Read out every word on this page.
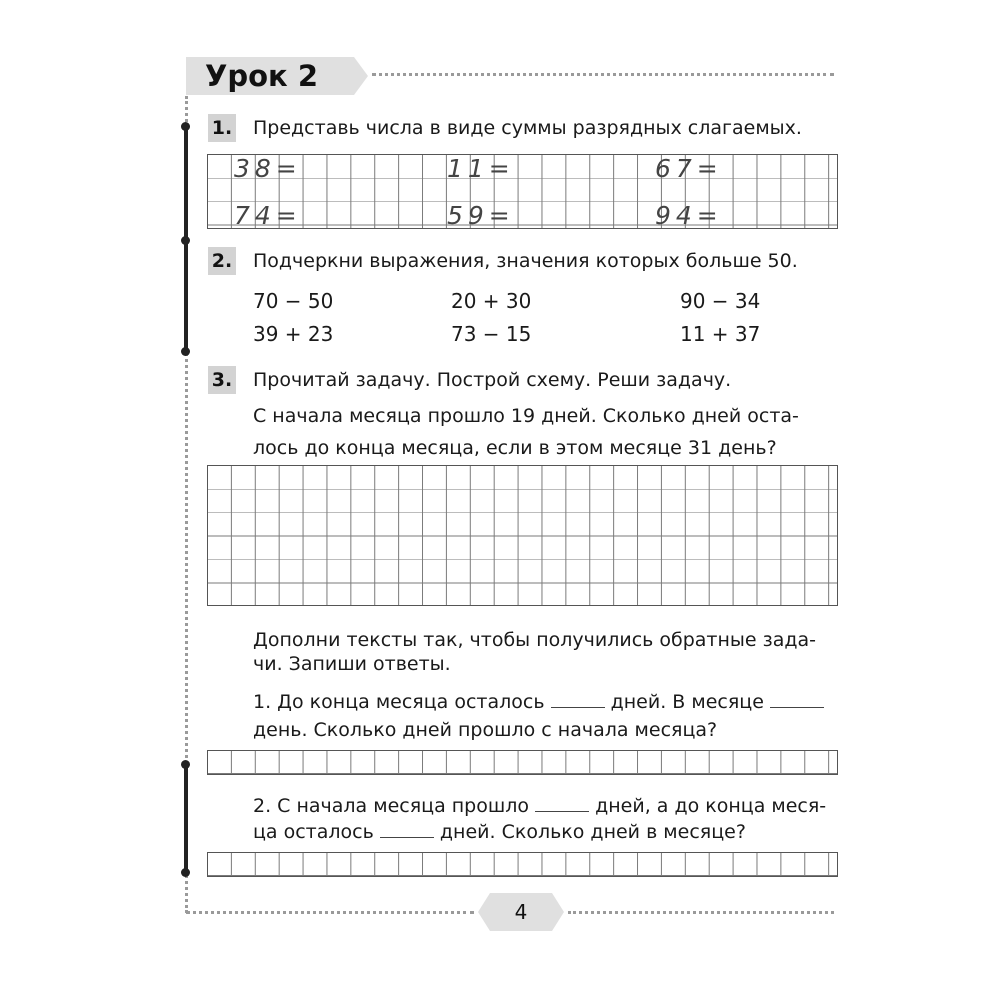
Урок 2
1. Представь числа в виде суммы разрядных слагаемых.
38=	11=	67=
74=	59=	94=
2. Подчеркни выражения, значения которых больше 50.
70 − 50	20 + 30	90 − 34
39 + 23	73 − 15	11 + 37
3. Прочитай задачу. Построй схему. Реши задачу.
С начала месяца прошло 19 дней. Сколько дней оста-
лось до конца месяца, если в этом месяце 31 день?
Дополни тексты так, чтобы получились обратные зада-
чи. Запиши ответы.
1. До конца месяца осталось	дней. В месяце
день. Сколько дней прошло с начала месяца?
2. С начала месяца прошло	дней, а до конца меся-
ца осталось	дней. Сколько дней в месяце?
4
